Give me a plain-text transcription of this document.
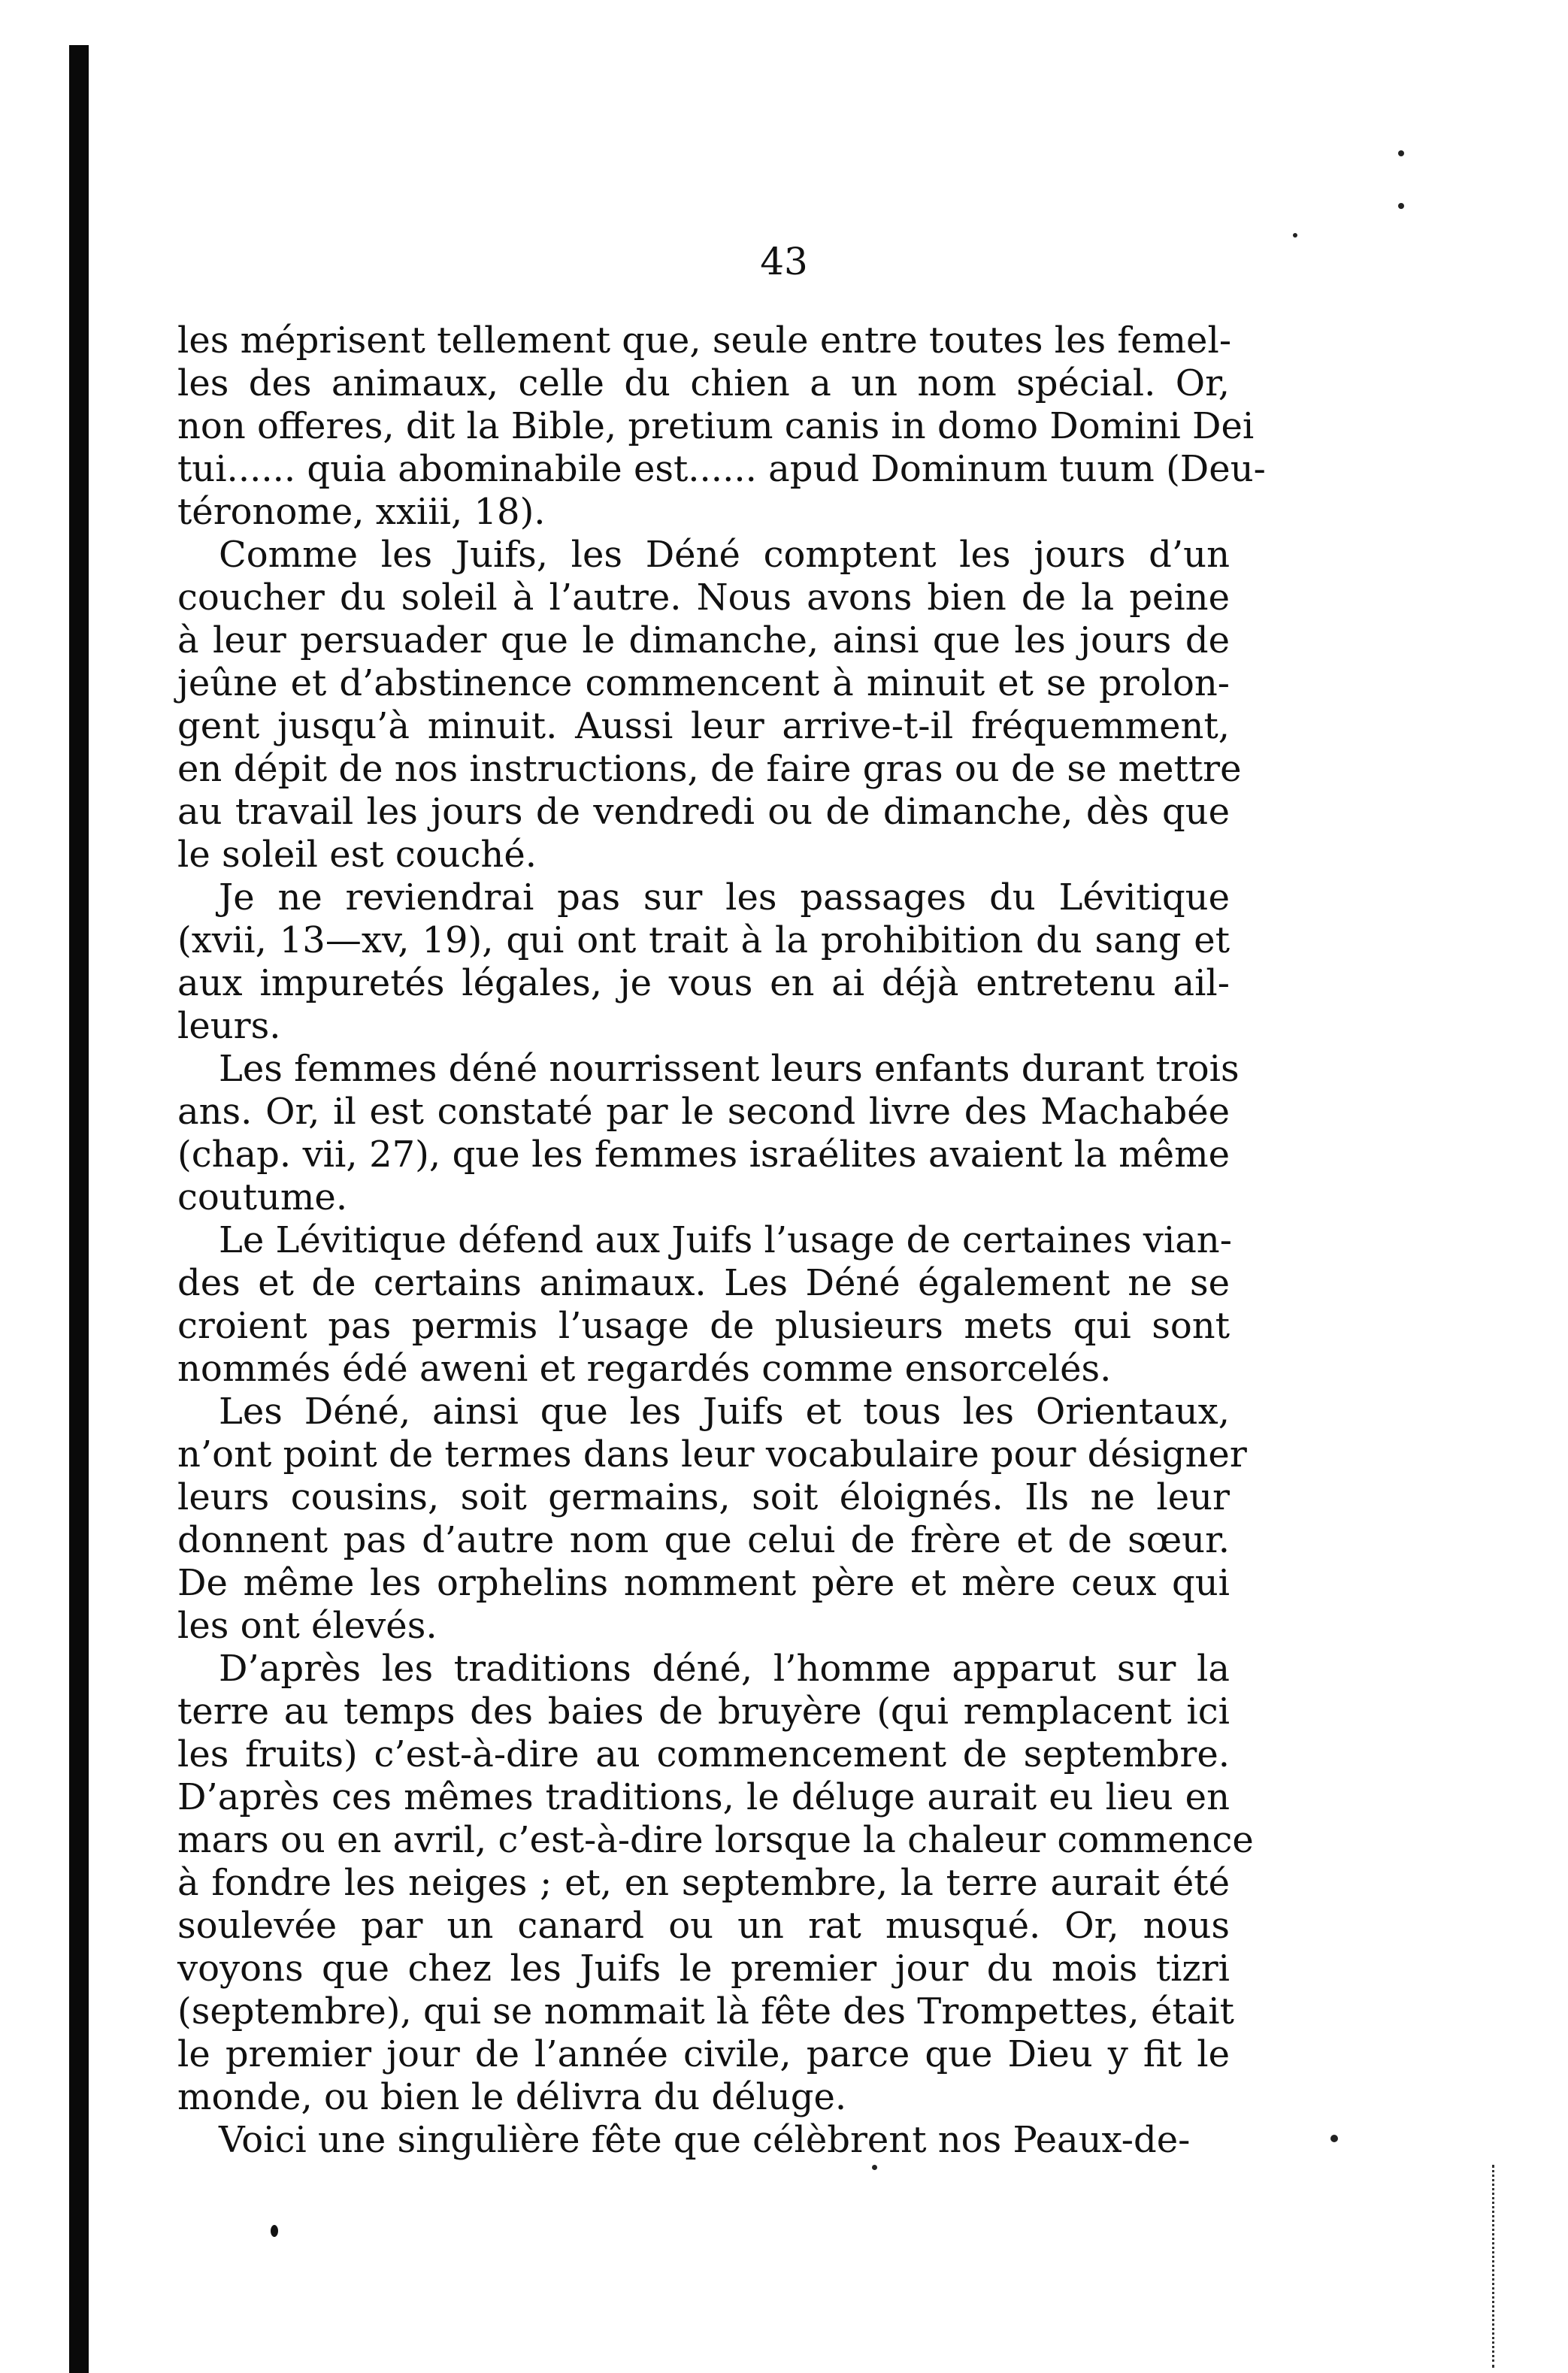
43
les méprisent tellement que, seule entre toutes les femel-
les des animaux, celle du chien a un nom spécial. Or,
non offeres, dit la Bible, pretium canis in domo Domini Dei
tui...... quia abominabile est...... apud Dominum tuum (Deu-
téronome, xxiii, 18).
Comme les Juifs, les Déné comptent les jours d’un
coucher du soleil à l’autre. Nous avons bien de la peine
à leur persuader que le dimanche, ainsi que les jours de
jeûne et d’abstinence commencent à minuit et se prolon-
gent jusqu’à minuit. Aussi leur arrive-t-il fréquemment,
en dépit de nos instructions, de faire gras ou de se mettre
au travail les jours de vendredi ou de dimanche, dès que
le soleil est couché.
Je ne reviendrai pas sur les passages du Lévitique
(xvii, 13—xv, 19), qui ont trait à la prohibition du sang et
aux impuretés légales, je vous en ai déjà entretenu ail-
leurs.
Les femmes déné nourrissent leurs enfants durant trois
ans. Or, il est constaté par le second livre des Machabée
(chap. vii, 27), que les femmes israélites avaient la même
coutume.
Le Lévitique défend aux Juifs l’usage de certaines vian-
des et de certains animaux. Les Déné également ne se
croient pas permis l’usage de plusieurs mets qui sont
nommés édé aweni et regardés comme ensorcelés.
Les Déné, ainsi que les Juifs et tous les Orientaux,
n’ont point de termes dans leur vocabulaire pour désigner
leurs cousins, soit germains, soit éloignés. Ils ne leur
donnent pas d’autre nom que celui de frère et de sœur.
De même les orphelins nomment père et mère ceux qui
les ont élevés.
D’après les traditions déné, l’homme apparut sur la
terre au temps des baies de bruyère (qui remplacent ici
les fruits) c’est-à-dire au commencement de septembre.
D’après ces mêmes traditions, le déluge aurait eu lieu en
mars ou en avril, c’est-à-dire lorsque la chaleur commence
à fondre les neiges ; et, en septembre, la terre aurait été
soulevée par un canard ou un rat musqué. Or, nous
voyons que chez les Juifs le premier jour du mois tizri
(septembre), qui se nommait là fête des Trompettes, était
le premier jour de l’année civile, parce que Dieu y fit le
monde, ou bien le délivra du déluge.
Voici une singulière fête que célèbrent nos Peaux-de-
